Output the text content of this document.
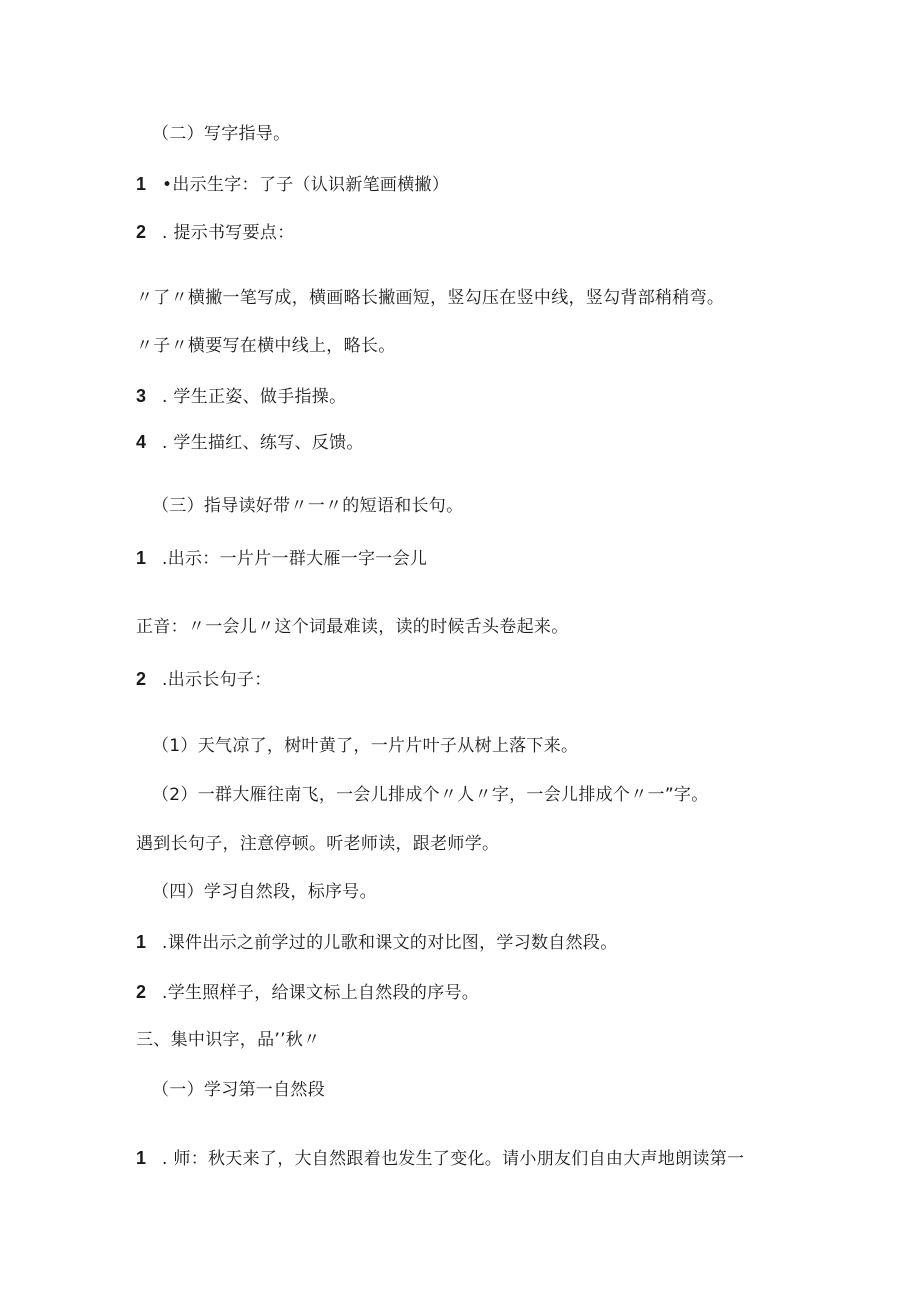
（二）写字指导。
1 •出示生字：了子（认识新笔画横撇）
2 . 提示书写要点：
〃了〃横撇一笔写成，横画略长撇画短，竖勾压在竖中线，竖勾背部稍稍弯。
〃子〃横要写在横中线上，略长。
3 . 学生正姿、做手指操。
4 . 学生描红、练写、反馈。
（三）指导读好带〃一〃的短语和长句。
1 .出示：一片片一群大雁一字一会儿
正音：〃一会儿〃这个词最难读，读的时候舌头卷起来。
2 .出示长句子：
（1）天气凉了，树叶黄了，一片片叶子从树上落下来。
（2）一群大雁往南飞，一会儿排成个〃人〃字，一会儿排成个〃一”字。
遇到长句子，注意停顿。听老师读，跟老师学。
（四）学习自然段，标序号。
1 .课件出示之前学过的儿歌和课文的对比图，学习数自然段。
2 .学生照样子，给课文标上自然段的序号。
三、集中识字，品’’秋〃
（一）学习第一自然段
1 . 师：秋天来了，大自然跟着也发生了变化。请小朋友们自由大声地朗读第一
